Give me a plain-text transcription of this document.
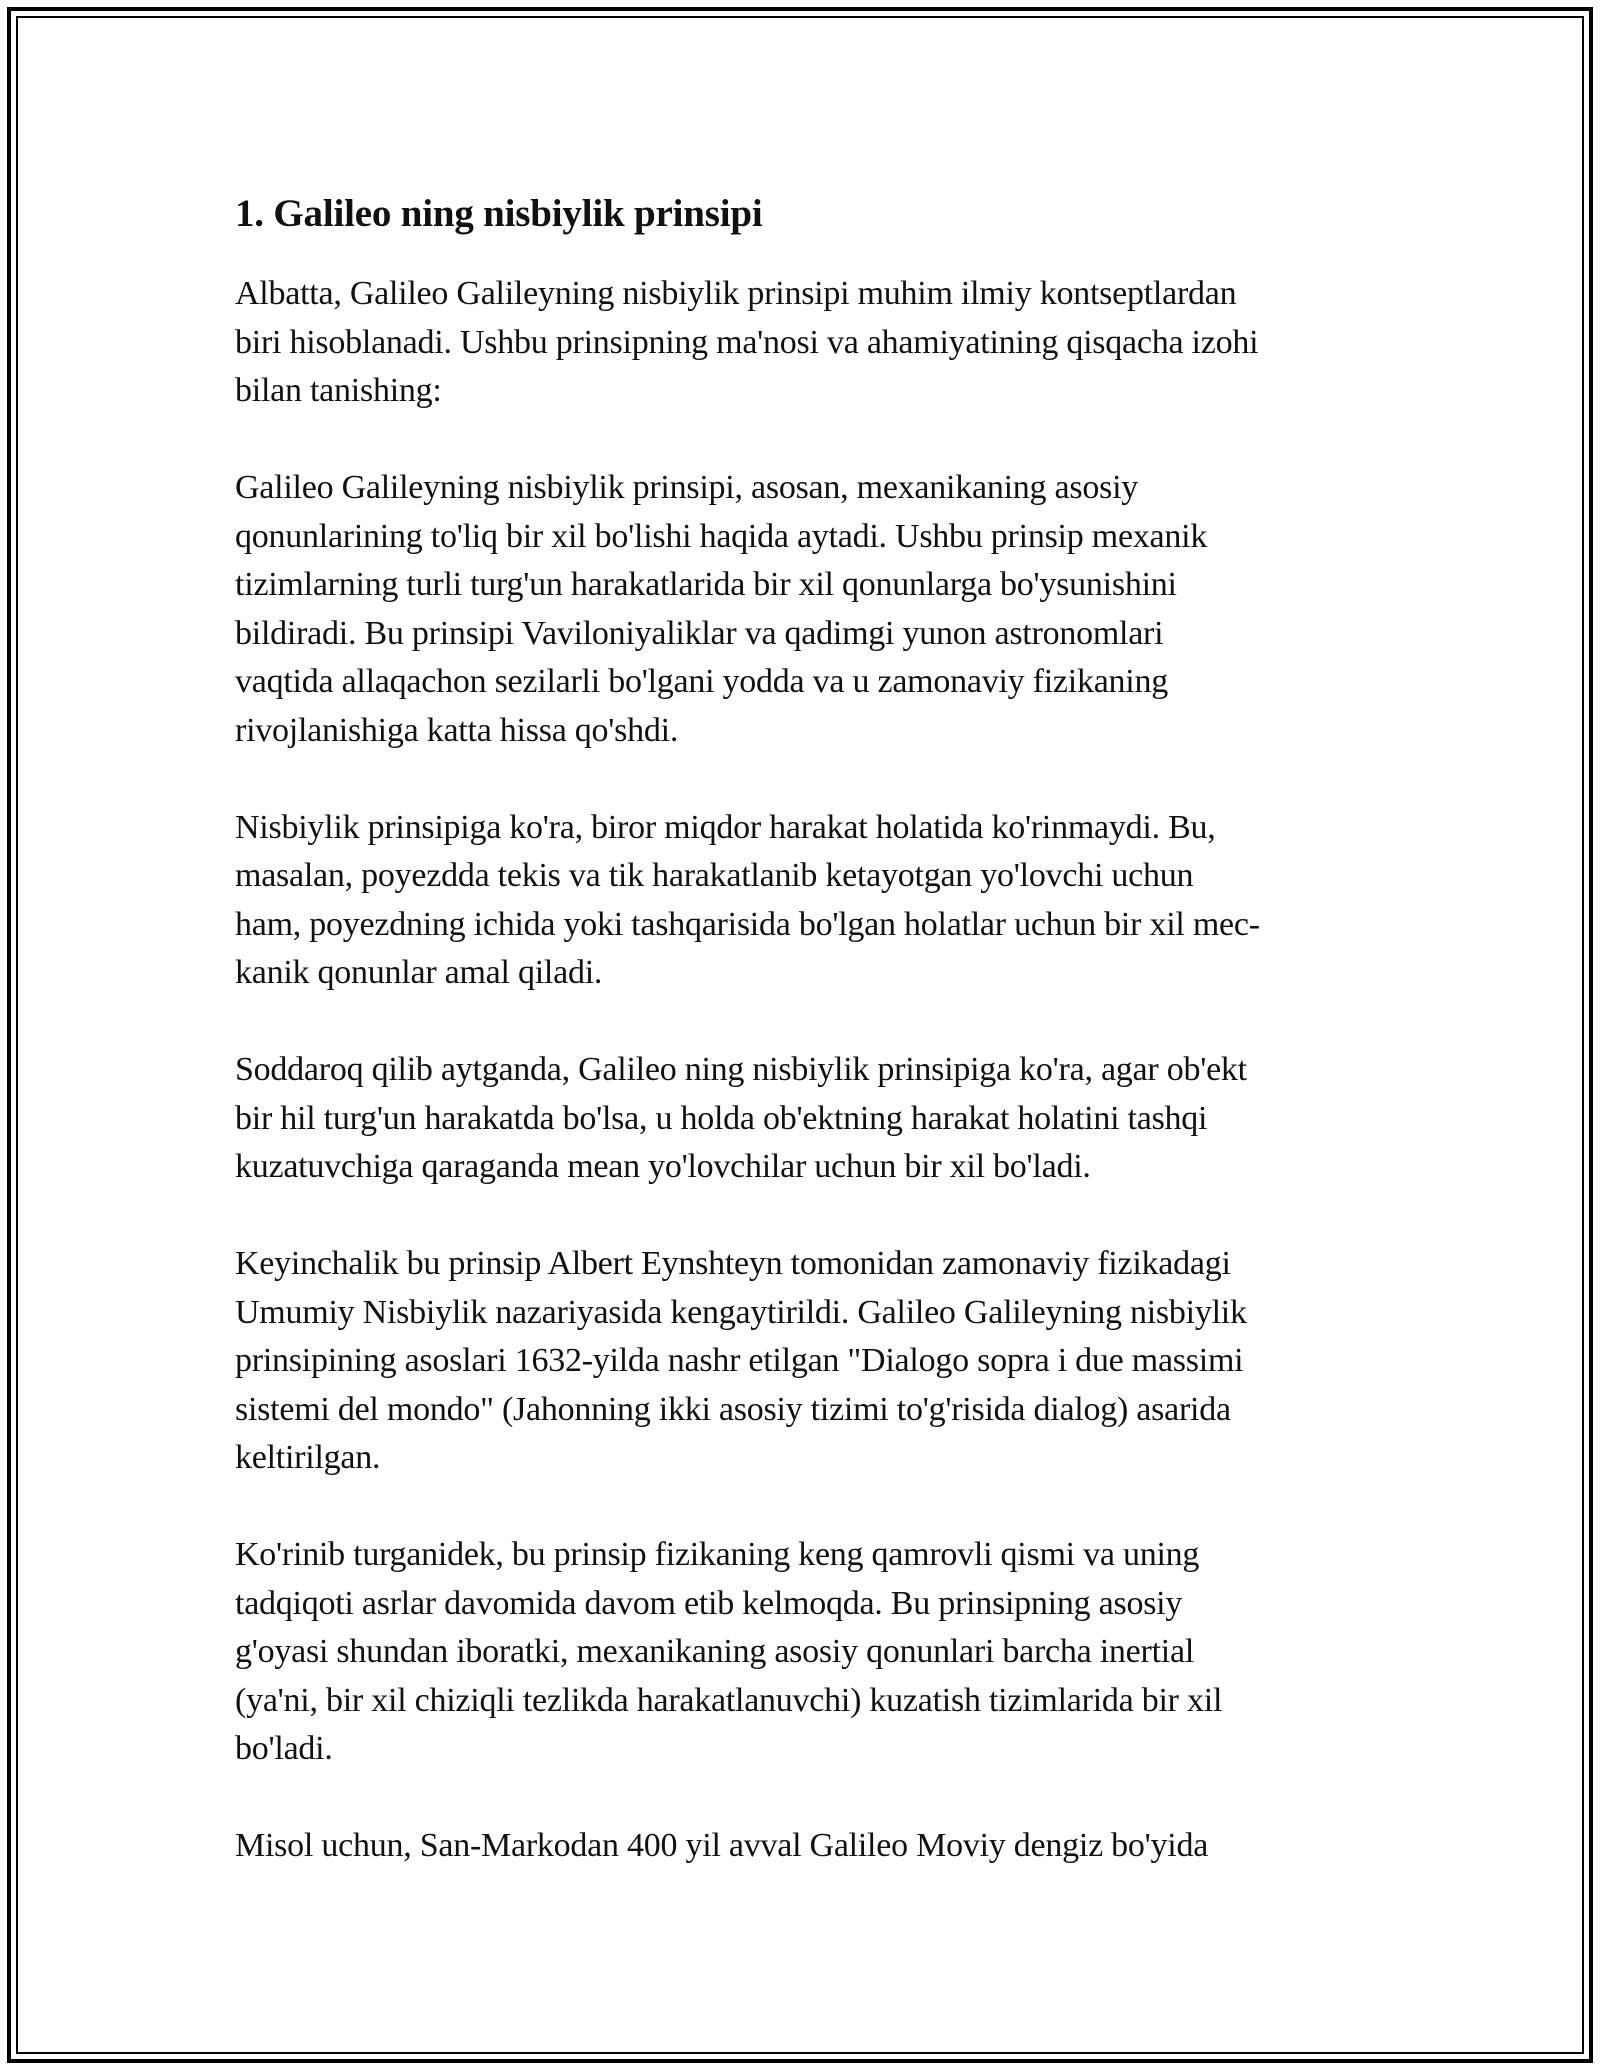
1. Galileo ning nisbiylik prinsipi

Albatta, Galileo Galileyning nisbiylik prinsipi muhim ilmiy kontseptlardan
biri hisoblanadi. Ushbu prinsipning ma'nosi va ahamiyatining qisqacha izohi
bilan tanishing:

Galileo Galileyning nisbiylik prinsipi, asosan, mexanikaning asosiy
qonunlarining to'liq bir xil bo'lishi haqida aytadi. Ushbu prinsip mexanik
tizimlarning turli turg'un harakatlarida bir xil qonunlarga bo'ysunishini
bildiradi. Bu prinsipi Vaviloniyaliklar va qadimgi yunon astronomlari
vaqtida allaqachon sezilarli bo'lgani yodda va u zamonaviy fizikaning
rivojlanishiga katta hissa qo'shdi.

Nisbiylik prinsipiga ko'ra, biror miqdor harakat holatida ko'rinmaydi. Bu,
masalan, poyezdda tekis va tik harakatlanib ketayotgan yo'lovchi uchun
ham, poyezdning ichida yoki tashqarisida bo'lgan holatlar uchun bir xil mec-
kanik qonunlar amal qiladi.

Soddaroq qilib aytganda, Galileo ning nisbiylik prinsipiga ko'ra, agar ob'ekt
bir hil turg'un harakatda bo'lsa, u holda ob'ektning harakat holatini tashqi
kuzatuvchiga qaraganda mean yo'lovchilar uchun bir xil bo'ladi.

Keyinchalik bu prinsip Albert Eynshteyn tomonidan zamonaviy fizikadagi
Umumiy Nisbiylik nazariyasida kengaytirildi. Galileo Galileyning nisbiylik
prinsipining asoslari 1632-yilda nashr etilgan "Dialogo sopra i due massimi
sistemi del mondo" (Jahonning ikki asosiy tizimi to'g'risida dialog) asarida
keltirilgan.

Ko'rinib turganidek, bu prinsip fizikaning keng qamrovli qismi va uning
tadqiqoti asrlar davomida davom etib kelmoqda. Bu prinsipning asosiy
g'oyasi shundan iboratki, mexanikaning asosiy qonunlari barcha inertial
(ya'ni, bir xil chiziqli tezlikda harakatlanuvchi) kuzatish tizimlarida bir xil
bo'ladi.

Misol uchun, San-Markodan 400 yil avval Galileo Moviy dengiz bo'yida
